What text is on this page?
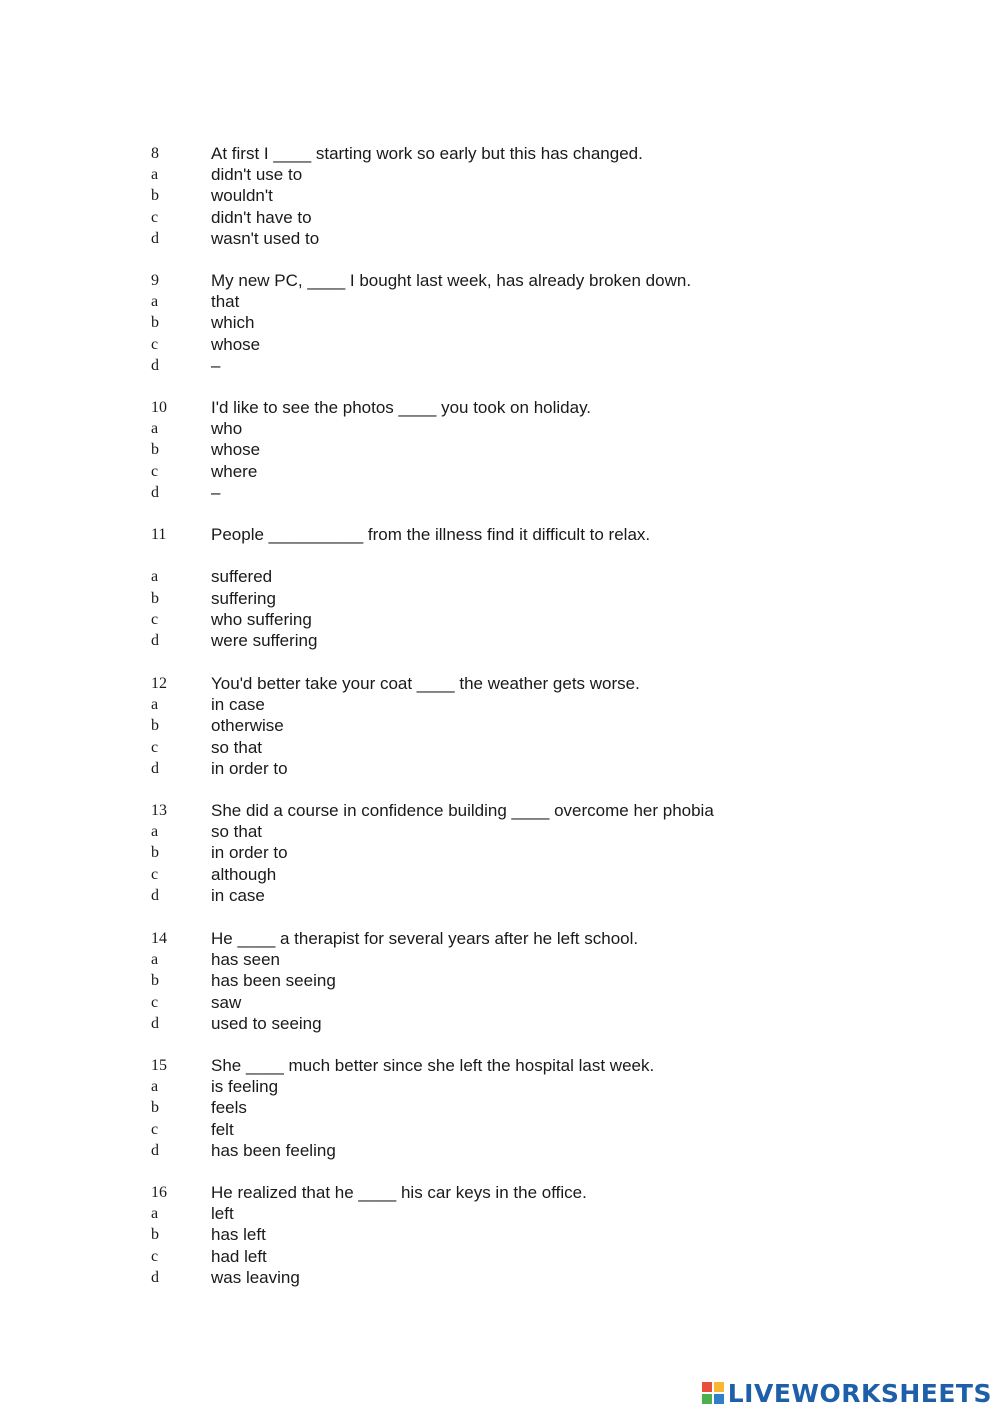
8	At first I ____ starting work so early but this has changed.
a	didn't use to
b	wouldn't
c	didn't have to
d	wasn't used to
9	My new PC, ____ I bought last week, has already broken down.
a	that
b	which
c	whose
d	–
10	I'd like to see the photos ____ you took on holiday.
a	who
b	whose
c	where
d	–
11	People __________ from the illness find it difficult to relax.
a	suffered
b	suffering
c	who suffering
d	were suffering
12	You'd better take your coat ____ the weather gets worse.
a	in case
b	otherwise
c	so that
d	in order to
13	She did a course in confidence building ____ overcome her phobia
a	so that
b	in order to
c	although
d	in case
14	He ____ a therapist for several years after he left school.
a	has seen
b	has been seeing
c	saw
d	used to seeing
15	She ____ much better since she left the hospital last week.
a	is feeling
b	feels
c	felt
d	has been feeling
16	He realized that he ____ his car keys in the office.
a	left
b	has left
c	had left
d	was leaving
LIVEWORKSHEETS
